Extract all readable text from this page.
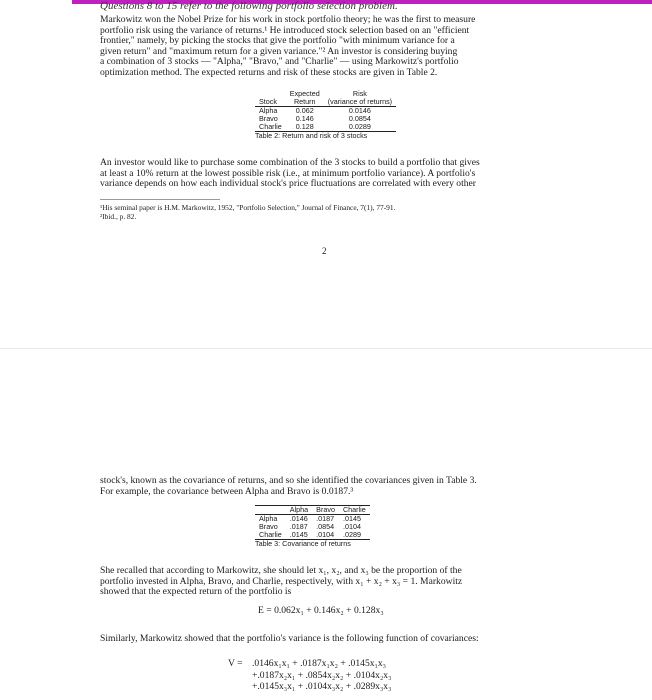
Questions 8 to 15 refer to the following portfolio selection problem.
Markowitz won the Nobel Prize for his work in stock portfolio theory; he was the first to measure
portfolio risk using the variance of returns.¹ He introduced stock selection based on an "efficient
frontier," namely, by picking the stocks that give the portfolio "with minimum variance for a
given return" and "maximum return for a given variance."² An investor is considering buying
a combination of 3 stocks — "Alpha," "Bravo," and "Charlie" — using Markowitz's portfolio
optimization method. The expected returns and risk of these stocks are given in Table 2.
	Expected	Risk
Stock	Return	(variance of returns)
Alpha	0.062	0.0146
Bravo	0.146	0.0854
Charlie	0.128	0.0289
Table 2: Return and risk of 3 stocks
An investor would like to purchase some combination of the 3 stocks to build a portfolio that gives
at least a 10% return at the lowest possible risk (i.e., at minimum portfolio variance). A portfolio's
variance depends on how each individual stock's price fluctuations are correlated with every other
¹His seminal paper is H.M. Markowitz, 1952, "Portfolio Selection," Journal of Finance, 7(1), 77-91.
²Ibid., p. 82.
2
stock's, known as the covariance of returns, and so she identified the covariances given in Table 3.
For example, the covariance between Alpha and Bravo is 0.0187.³
	Alpha	Bravo	Charlie
Alpha	.0146	.0187	.0145
Bravo	.0187	.0854	.0104
Charlie	.0145	.0104	.0289
Table 3: Covariance of returns
She recalled that according to Markowitz, she should let x₁, x₂, and x₃ be the proportion of the
portfolio invested in Alpha, Bravo, and Charlie, respectively, with x₁ + x₂ + x₃ = 1. Markowitz
showed that the expected return of the portfolio is
E = 0.062x₁ + 0.146x₂ + 0.128x₃
Similarly, Markowitz showed that the portfolio's variance is the following function of covariances:
V = .0146x₁x₁ + .0187x₁x₂ + .0145x₁x₃
+.0187x₂x₁ + .0854x₂x₂ + .0104x₂x₃
+.0145x₃x₁ + .0104x₃x₂ + .0289x₃x₃
